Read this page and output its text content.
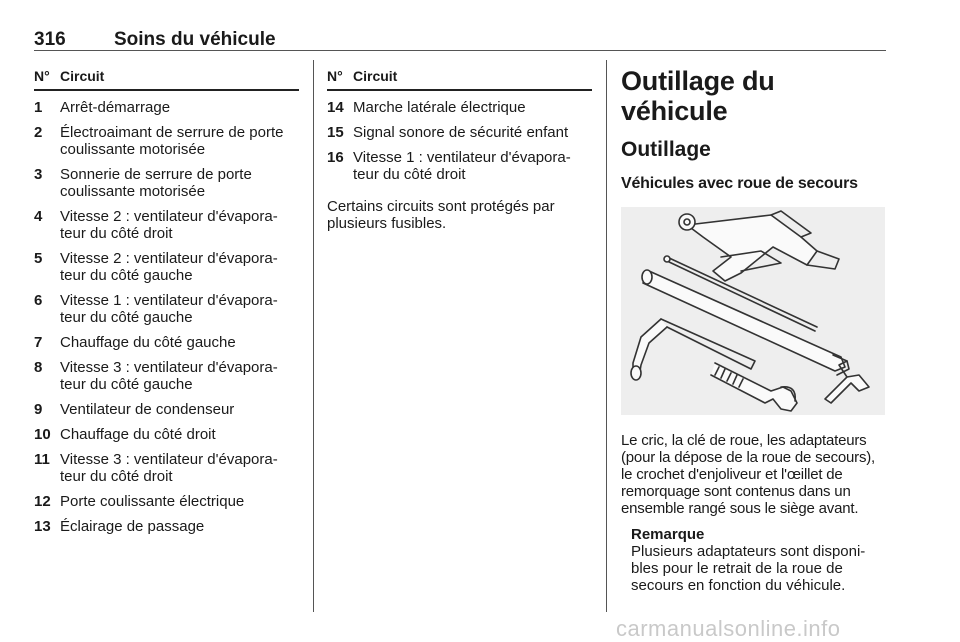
316	Soins du véhicule
N° Circuit
1	Arrêt-démarrage
2	Électroaimant de serrure de porte coulissante motorisée
3	Sonnerie de serrure de porte coulissante motorisée
4	Vitesse 2 : ventilateur d'évapora- teur du côté droit
5	Vitesse 2 : ventilateur d'évapora- teur du côté gauche
6	Vitesse 1 : ventilateur d'évapora- teur du côté gauche
7	Chauffage du côté gauche
8	Vitesse 3 : ventilateur d'évapora- teur du côté gauche
9	Ventilateur de condenseur
10 Chauffage du côté droit
11 Vitesse 3 : ventilateur d'évapora- teur du côté droit
12 Porte coulissante électrique
13 Éclairage de passage
N° Circuit
14 Marche latérale électrique
15 Signal sonore de sécurité enfant
16 Vitesse 1 : ventilateur d'évapora- teur du côté droit
Certains circuits sont protégés par plusieurs fusibles.
Outillage du véhicule
Outillage
Véhicules avec roue de secours
Le cric, la clé de roue, les adaptateurs (pour la dépose de la roue de secours), le crochet d'enjoliveur et l'œillet de remorquage sont contenus dans un ensemble rangé sous le siège avant.
Remarque
Plusieurs adaptateurs sont disponi- bles pour le retrait de la roue de secours en fonction du véhicule.
carmanualsonline.info
